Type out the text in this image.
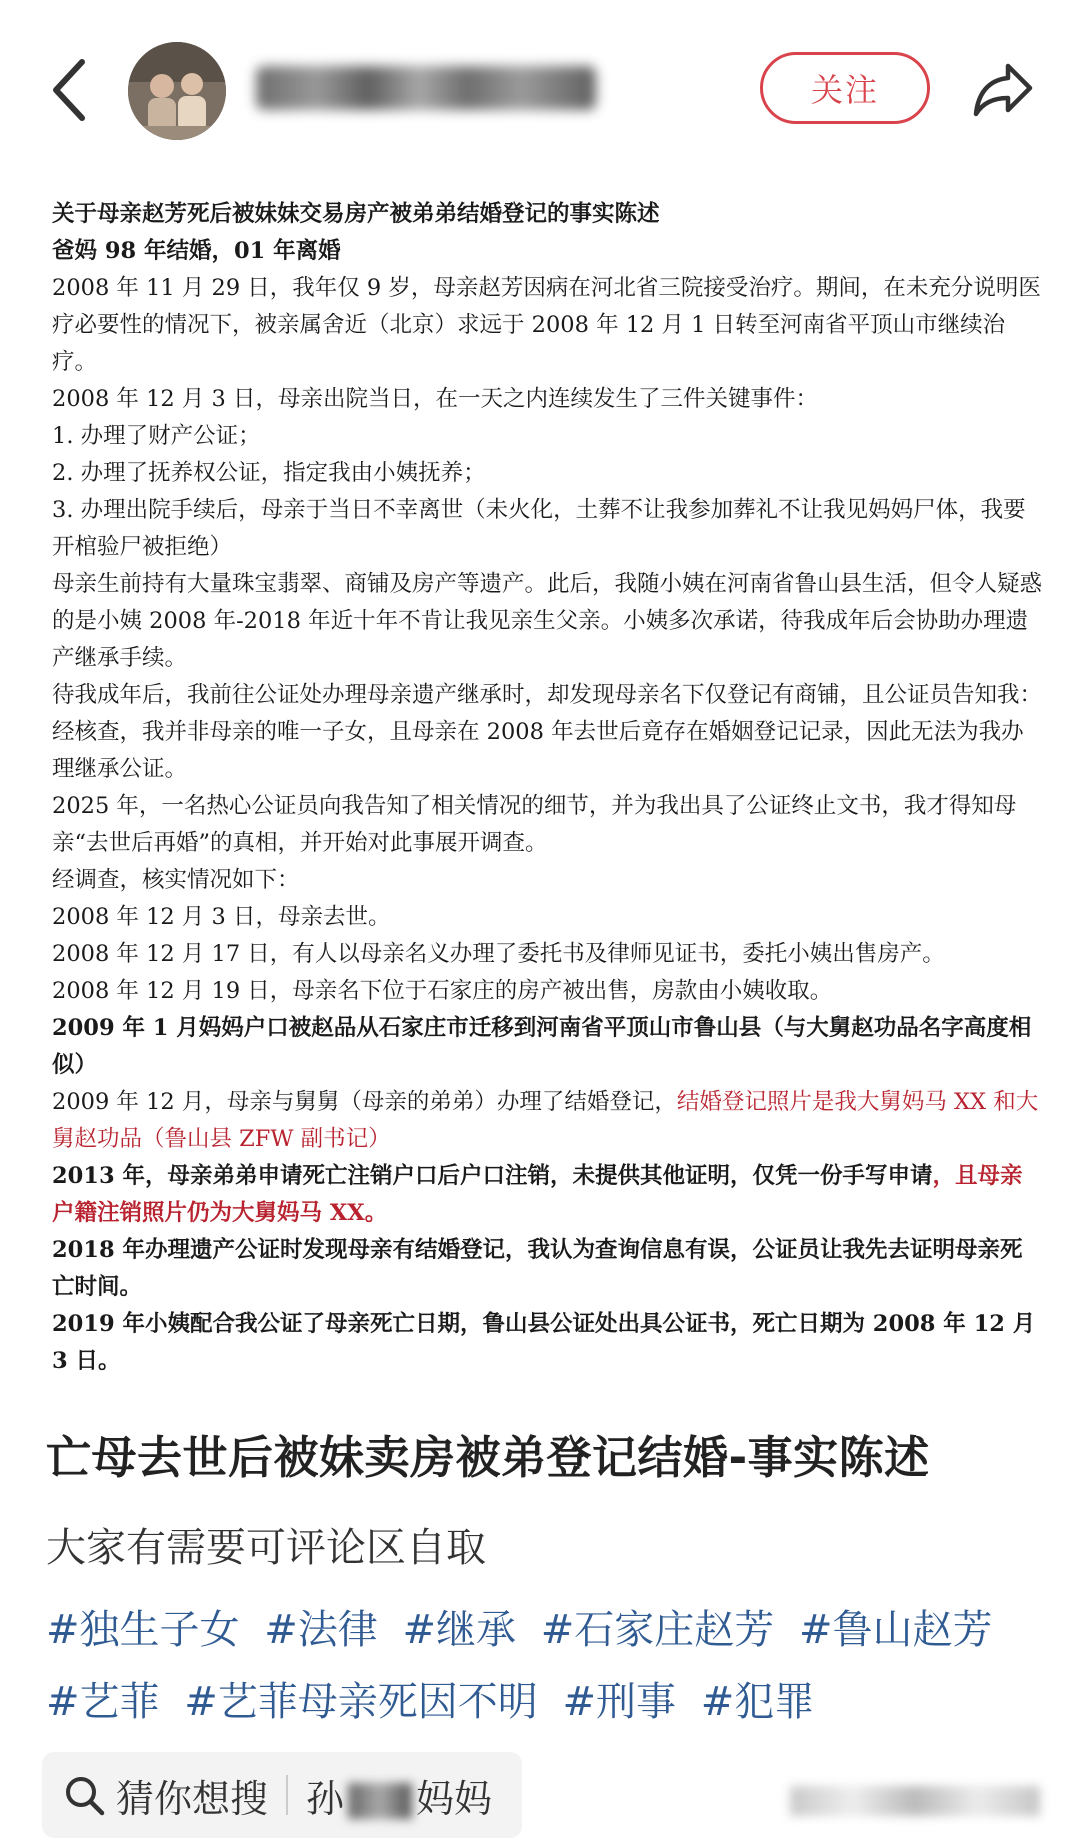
关注

关于母亲赵芳死后被妹妹交易房产被弟弟结婚登记的事实陈述

爸妈 98 年结婚，01 年离婚

2008 年 11 月 29 日，我年仅 9 岁，母亲赵芳因病在河北省三院接受治疗。期间，在未充分说明医疗必要性的情况下，被亲属舍近（北京）求远于 2008 年 12 月 1 日转至河南省平顶山市继续治疗。

2008 年 12 月 3 日，母亲出院当日，在一天之内连续发生了三件关键事件：

1. 办理了财产公证；

2. 办理了抚养权公证，指定我由小姨抚养；

3. 办理出院手续后，母亲于当日不幸离世（未火化，土葬不让我参加葬礼不让我见妈妈尸体，我要开棺验尸被拒绝）

母亲生前持有大量珠宝翡翠、商铺及房产等遗产。此后，我随小姨在河南省鲁山县生活，但令人疑惑的是小姨 2008 年-2018 年近十年不肯让我见亲生父亲。小姨多次承诺，待我成年后会协助办理遗产继承手续。

待我成年后，我前往公证处办理母亲遗产继承时，却发现母亲名下仅登记有商铺，且公证员告知我：经核查，我并非母亲的唯一子女，且母亲在 2008 年去世后竟存在婚姻登记记录，因此无法为我办理继承公证。

2025 年，一名热心公证员向我告知了相关情况的细节，并为我出具了公证终止文书，我才得知母亲“去世后再婚”的真相，并开始对此事展开调查。

经调查，核实情况如下：

2008 年 12 月 3 日，母亲去世。

2008 年 12 月 17 日，有人以母亲名义办理了委托书及律师见证书，委托小姨出售房产。

2008 年 12 月 19 日，母亲名下位于石家庄的房产被出售，房款由小姨收取。

2009 年 1 月妈妈户口被赵品从石家庄市迁移到河南省平顶山市鲁山县（与大舅赵功品名字高度相似）

2009 年 12 月，母亲与舅舅（母亲的弟弟）办理了结婚登记，结婚登记照片是我大舅妈马 XX 和大舅赵功品（鲁山县 ZFW 副书记）

2013 年，母亲弟弟申请死亡注销户口后户口注销，未提供其他证明，仅凭一份手写申请，且母亲户籍注销照片仍为大舅妈马 XX。

2018 年办理遗产公证时发现母亲有结婚登记，我认为查询信息有误，公证员让我先去证明母亲死亡时间。

2019 年小姨配合我公证了母亲死亡日期，鲁山县公证处出具公证书，死亡日期为 2008 年 12 月 3 日。

亡母去世后被妹卖房被弟登记结婚-事实陈述
大家有需要可评论区自取
#独生子女 #法律 #继承 #石家庄赵芳 #鲁山赵芳 #艺菲 #艺菲母亲死因不明 #刑事 #犯罪
猜你想搜 孙 妈妈
